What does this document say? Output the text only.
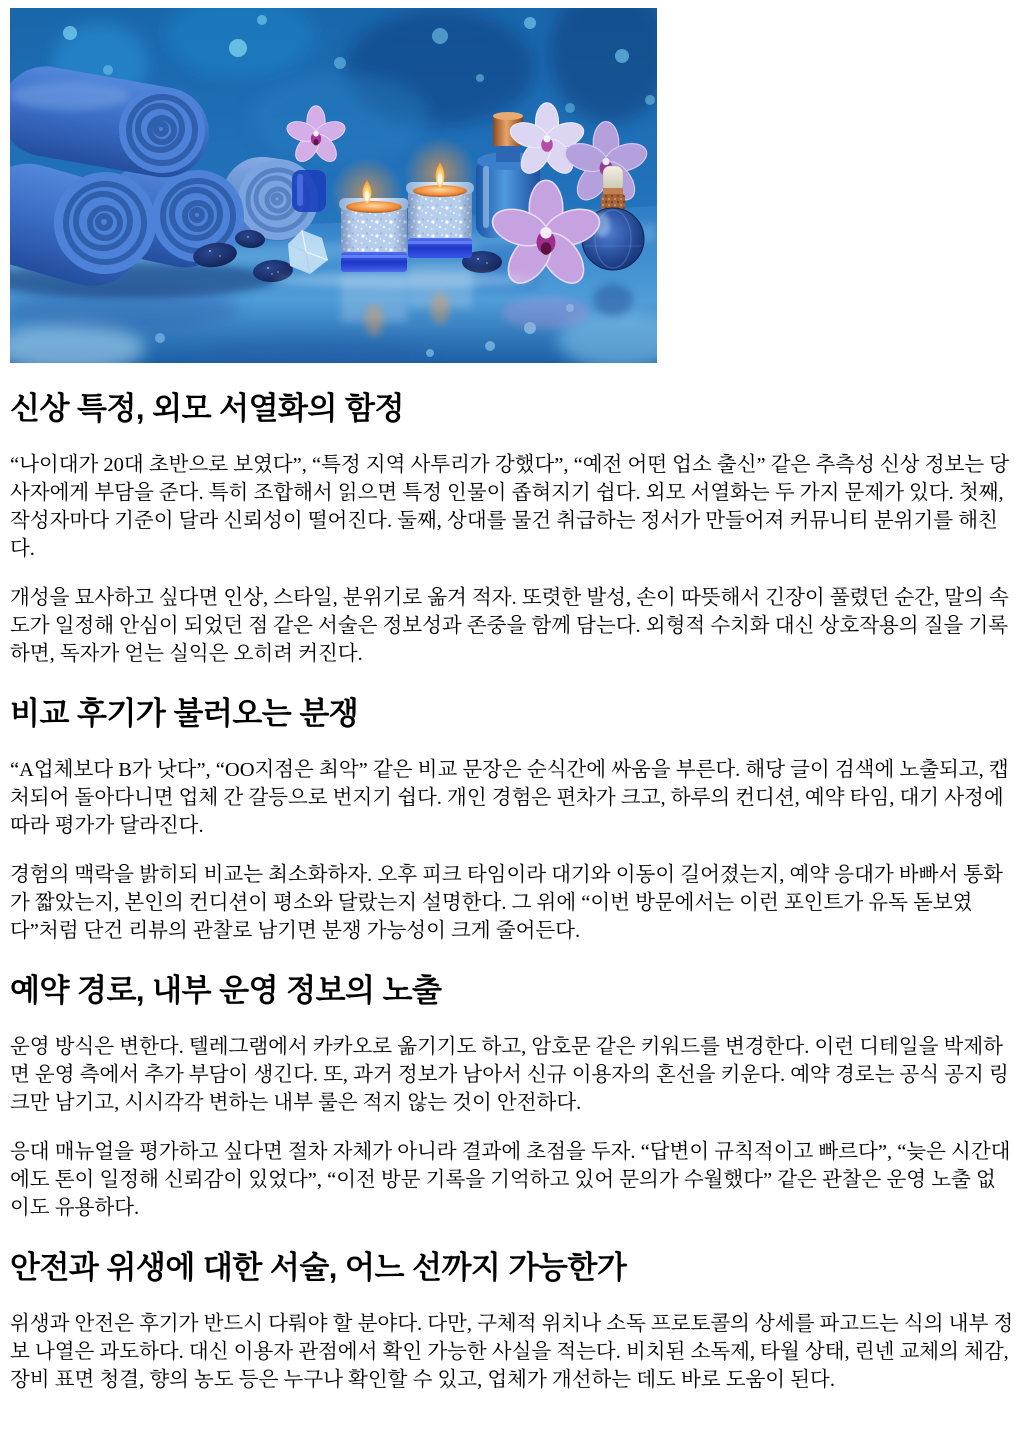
신상 특정, 외모 서열화의 함정

“나이대가 20대 초반으로 보였다”, “특정 지역 사투리가 강했다”, “예전 어떤 업소 출신” 같은 추측성 신상 정보는 당사자에게 부담을 준다. 특히 조합해서 읽으면 특정 인물이 좁혀지기 쉽다. 외모 서열화는 두 가지 문제가 있다. 첫째, 작성자마다 기준이 달라 신뢰성이 떨어진다. 둘째, 상대를 물건 취급하는 정서가 만들어져 커뮤니티 분위기를 해친다.

개성을 묘사하고 싶다면 인상, 스타일, 분위기로 옮겨 적자. 또렷한 발성, 손이 따뜻해서 긴장이 풀렸던 순간, 말의 속도가 일정해 안심이 되었던 점 같은 서술은 정보성과 존중을 함께 담는다. 외형적 수치화 대신 상호작용의 질을 기록하면, 독자가 얻는 실익은 오히려 커진다.

비교 후기가 불러오는 분쟁

“A업체보다 B가 낫다”, “OO지점은 최악” 같은 비교 문장은 순식간에 싸움을 부른다. 해당 글이 검색에 노출되고, 캡처되어 돌아다니면 업체 간 갈등으로 번지기 쉽다. 개인 경험은 편차가 크고, 하루의 컨디션, 예약 타임, 대기 사정에 따라 평가가 달라진다.

경험의 맥락을 밝히되 비교는 최소화하자. 오후 피크 타임이라 대기와 이동이 길어졌는지, 예약 응대가 바빠서 통화가 짧았는지, 본인의 컨디션이 평소와 달랐는지 설명한다. 그 위에 “이번 방문에서는 이런 포인트가 유독 돋보였다”처럼 단건 리뷰의 관찰로 남기면 분쟁 가능성이 크게 줄어든다.

예약 경로, 내부 운영 정보의 노출

운영 방식은 변한다. 텔레그램에서 카카오로 옮기기도 하고, 암호문 같은 키워드를 변경한다. 이런 디테일을 박제하면 운영 측에서 추가 부담이 생긴다. 또, 과거 정보가 남아서 신규 이용자의 혼선을 키운다. 예약 경로는 공식 공지 링크만 남기고, 시시각각 변하는 내부 룰은 적지 않는 것이 안전하다.

응대 매뉴얼을 평가하고 싶다면 절차 자체가 아니라 결과에 초점을 두자. “답변이 규칙적이고 빠르다”, “늦은 시간대에도 톤이 일정해 신뢰감이 있었다”, “이전 방문 기록을 기억하고 있어 문의가 수월했다” 같은 관찰은 운영 노출 없이도 유용하다.

안전과 위생에 대한 서술, 어느 선까지 가능한가

위생과 안전은 후기가 반드시 다뤄야 할 분야다. 다만, 구체적 위치나 소독 프로토콜의 상세를 파고드는 식의 내부 정보 나열은 과도하다. 대신 이용자 관점에서 확인 가능한 사실을 적는다. 비치된 소독제, 타월 상태, 린넨 교체의 체감, 장비 표면 청결, 향의 농도 등은 누구나 확인할 수 있고, 업체가 개선하는 데도 바로 도움이 된다.
